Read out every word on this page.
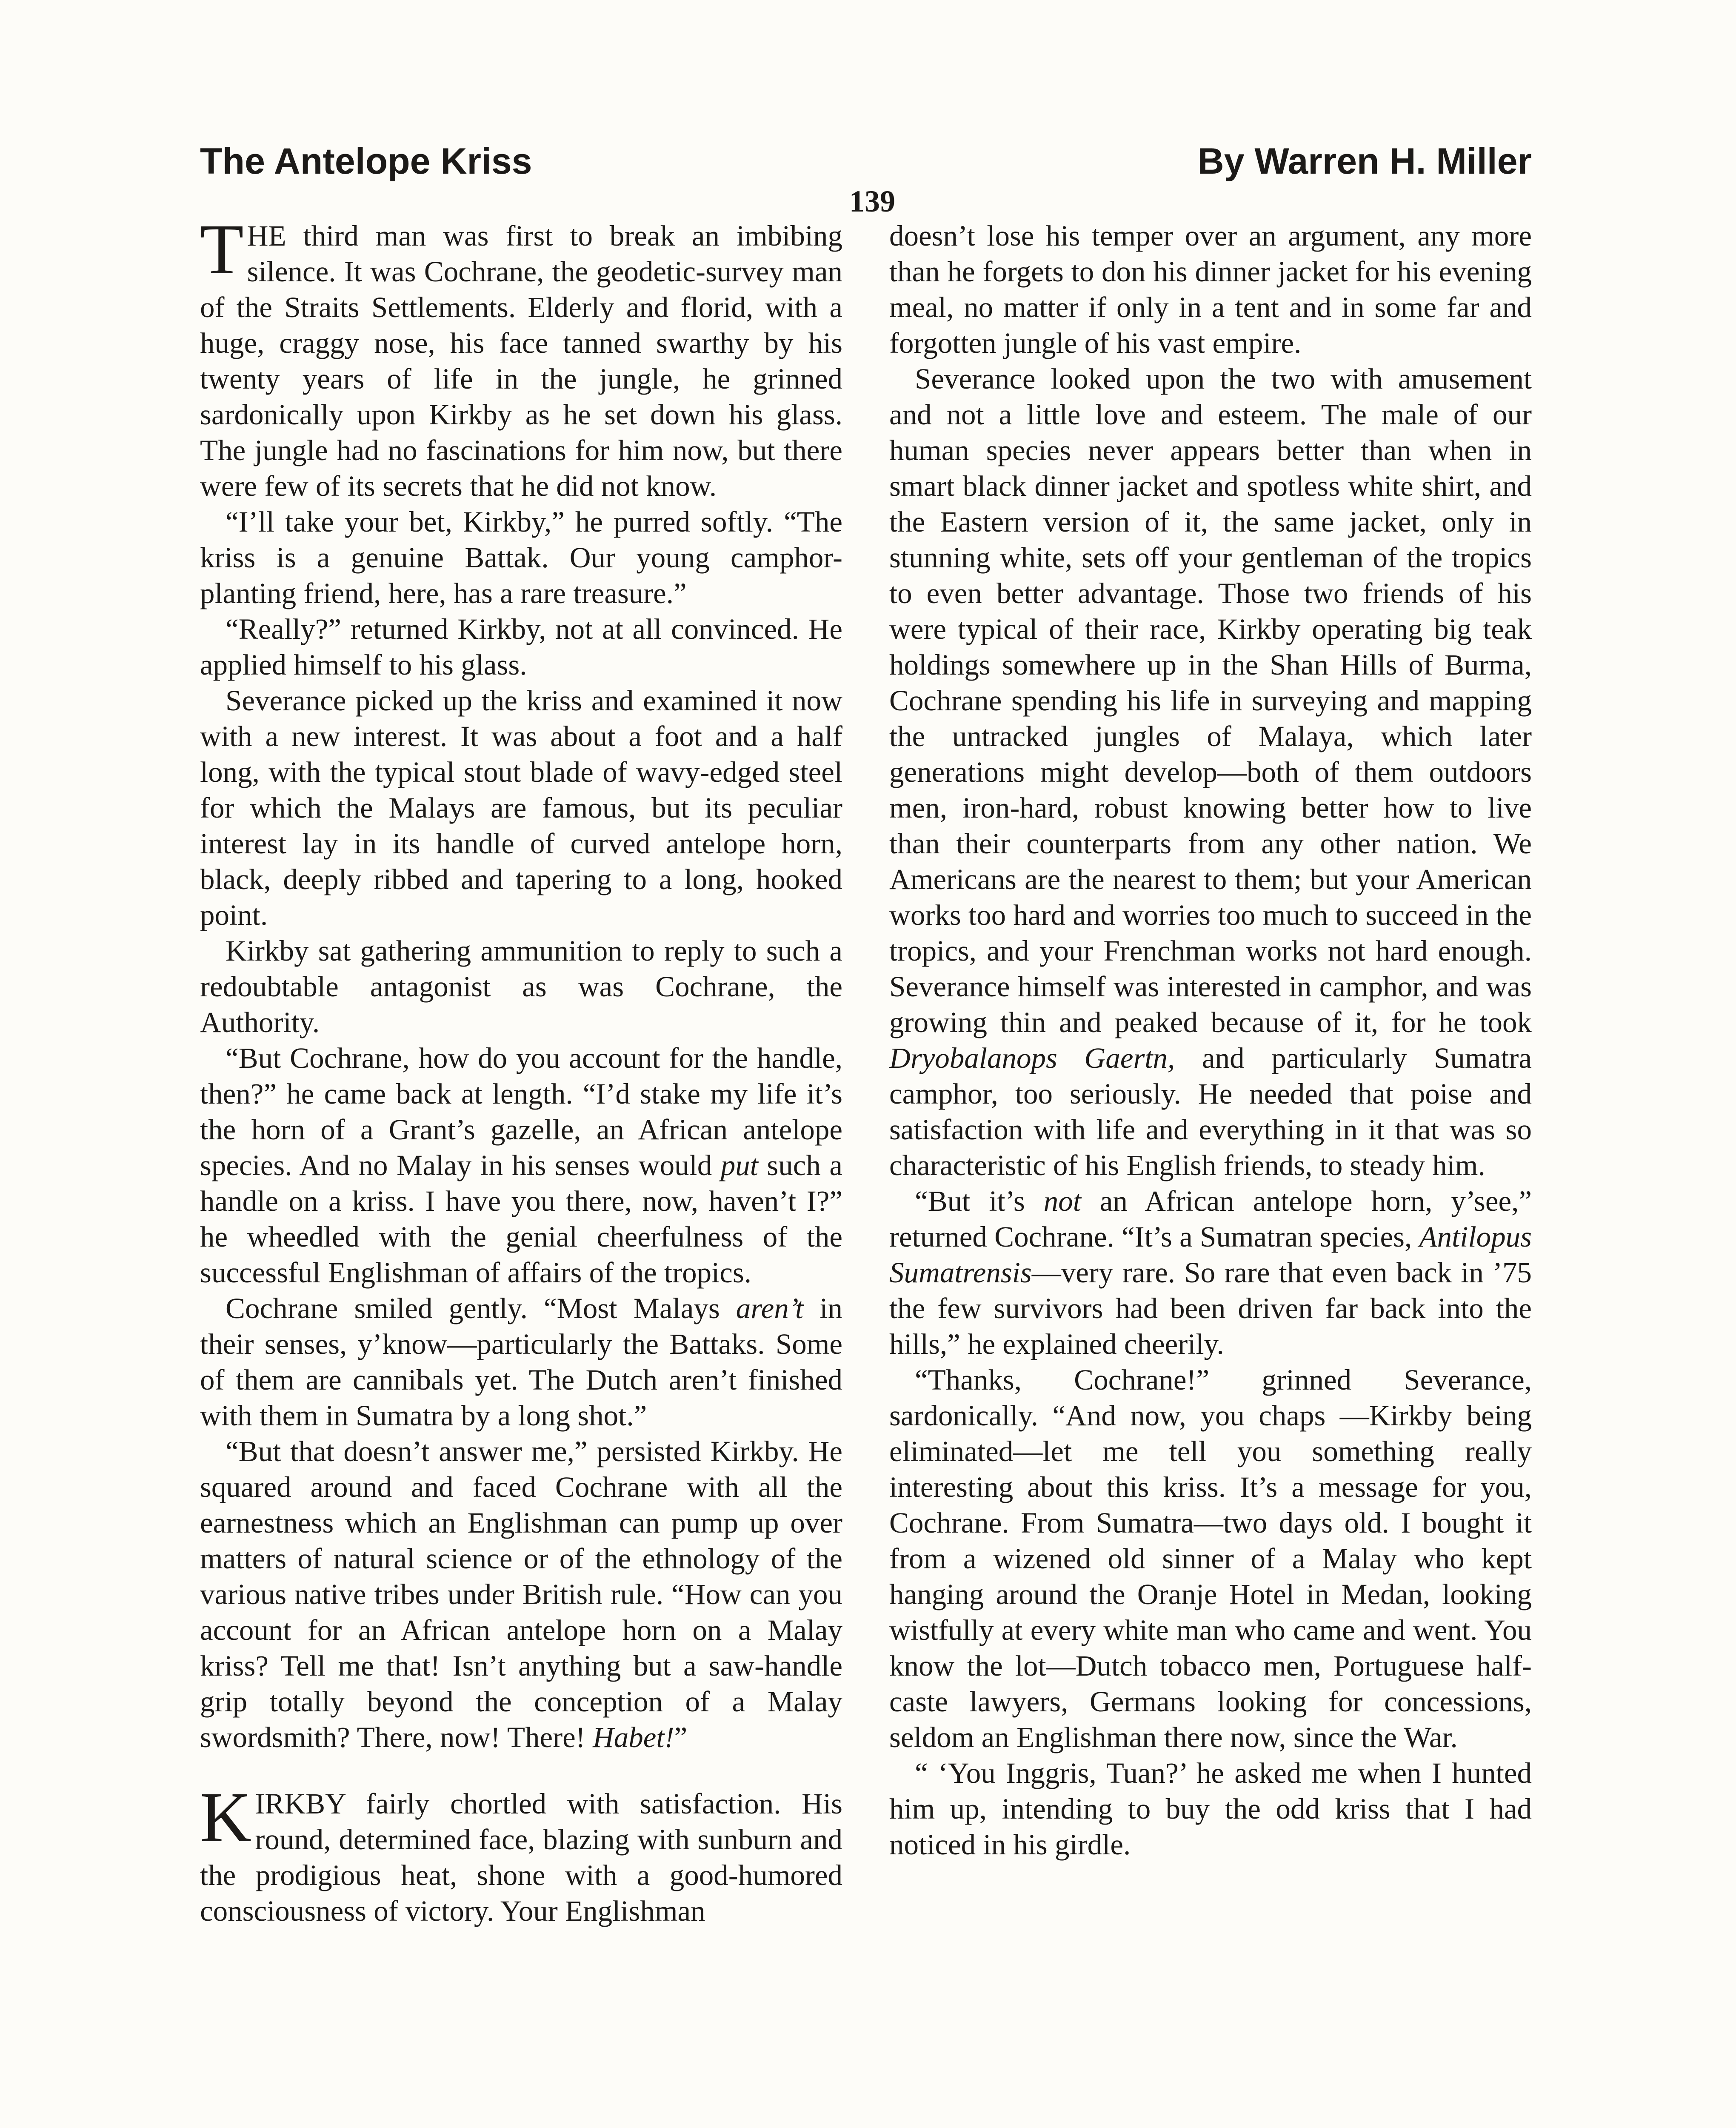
The Antelope Kriss	By Warren H. Miller
139

THE third man was first to break an imbibing silence. It was Cochrane, the geodetic-survey man of the Straits Settlements. Elderly and florid, with a huge, craggy nose, his face tanned swarthy by his twenty years of life in the jungle, he grinned sardonically upon Kirkby as he set down his glass. The jungle had no fascinations for him now, but there were few of its secrets that he did not know.

“I’ll take your bet, Kirkby,” he purred softly. “The kriss is a genuine Battak. Our young camphor-planting friend, here, has a rare treasure.”

“Really?” returned Kirkby, not at all convinced. He applied himself to his glass.

Severance picked up the kriss and examined it now with a new interest. It was about a foot and a half long, with the typical stout blade of wavy-edged steel for which the Malays are famous, but its peculiar interest lay in its handle of curved antelope horn, black, deeply ribbed and tapering to a long, hooked point.

Kirkby sat gathering ammunition to reply to such a redoubtable antagonist as was Cochrane, the Authority.

“But Cochrane, how do you account for the handle, then?” he came back at length. “I’d stake my life it’s the horn of a Grant’s gazelle, an African antelope species. And no Malay in his senses would put such a handle on a kriss. I have you there, now, haven’t I?” he wheedled with the genial cheerfulness of the successful Englishman of affairs of the tropics.

Cochrane smiled gently. “Most Malays aren’t in their senses, y’know—particularly the Battaks. Some of them are cannibals yet. The Dutch aren’t finished with them in Sumatra by a long shot.”

“But that doesn’t answer me,” persisted Kirkby. He squared around and faced Cochrane with all the earnestness which an Englishman can pump up over matters of natural science or of the ethnology of the various native tribes under British rule. “How can you account for an African antelope horn on a Malay kriss? Tell me that! Isn’t anything but a saw-handle grip totally beyond the conception of a Malay swordsmith? There, now! There! Habet!”

KIRKBY fairly chortled with satisfaction. His round, determined face, blazing with sunburn and the prodigious heat, shone with a good-humored consciousness of victory. Your Englishman

doesn’t lose his temper over an argument, any more than he forgets to don his dinner jacket for his evening meal, no matter if only in a tent and in some far and forgotten jungle of his vast empire.

Severance looked upon the two with amusement and not a little love and esteem. The male of our human species never appears better than when in smart black dinner jacket and spotless white shirt, and the Eastern version of it, the same jacket, only in stunning white, sets off your gentleman of the tropics to even better advantage. Those two friends of his were typical of their race, Kirkby operating big teak holdings somewhere up in the Shan Hills of Burma, Cochrane spending his life in surveying and mapping the untracked jungles of Malaya, which later generations might develop—both of them outdoors men, iron-hard, robust knowing better how to live than their counterparts from any other nation. We Americans are the nearest to them; but your American works too hard and worries too much to succeed in the tropics, and your Frenchman works not hard enough. Severance himself was interested in camphor, and was growing thin and peaked because of it, for he took Dryobalanops Gaertn, and particularly Sumatra camphor, too seriously. He needed that poise and satisfaction with life and everything in it that was so characteristic of his English friends, to steady him.

“But it’s not an African antelope horn, y’see,” returned Cochrane. “It’s a Sumatran species, Antilopus Sumatrensis—very rare. So rare that even back in ’75 the few survivors had been driven far back into the hills,” he explained cheerily.

“Thanks, Cochrane!” grinned Severance, sardonically. “And now, you chaps —Kirkby being eliminated—let me tell you something really interesting about this kriss. It’s a message for you, Cochrane. From Sumatra—two days old. I bought it from a wizened old sinner of a Malay who kept hanging around the Oranje Hotel in Medan, looking wistfully at every white man who came and went. You know the lot—Dutch tobacco men, Portuguese half-caste lawyers, Germans looking for concessions, seldom an Englishman there now, since the War.

“ ‘You Inggris, Tuan?’ he asked me when I hunted him up, intending to buy the odd kriss that I had noticed in his girdle.
